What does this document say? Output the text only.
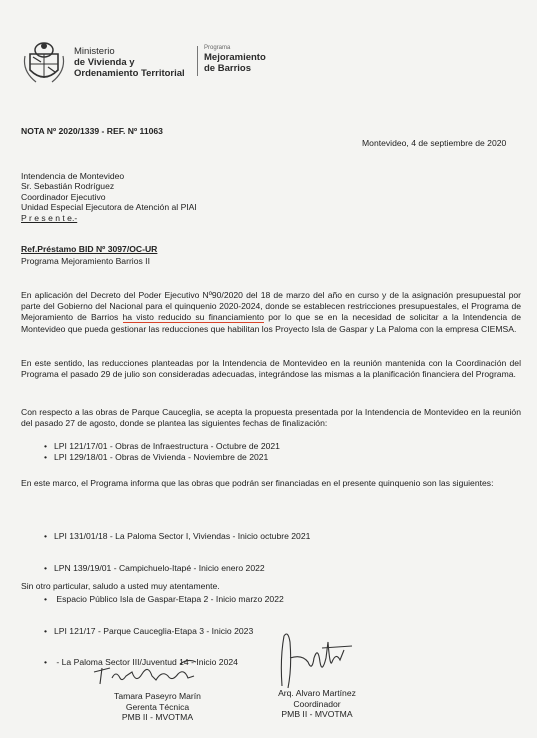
Ministerio
de Vivienda y
Ordenamiento Territorial
Programa
Mejoramiento
de Barrios
NOTA Nº 2020/1339 - REF. Nº 11063
Montevideo, 4 de septiembre de 2020
Intendencia de Montevideo
Sr. Sebastián Rodríguez
Coordinador Ejecutivo
Unidad Especial Ejecutora de Atención al PIAI
P r e s e n t e.-
Ref.Préstamo BID Nº 3097/OC-UR
Programa Mejoramiento Barrios II
En aplicación del Decreto del Poder Ejecutivo Nº90/2020 del 18 de marzo del año en curso y de la asignación presupuestal por parte del Gobierno del Nacional para el quinquenio 2020-2024, donde se establecen restricciones presupuestales, el Programa de Mejoramiento de Barrios ha visto reducido su financiamiento por lo que se en la necesidad de solicitar a la Intendencia de Montevideo que pueda gestionar las reducciones que habilitan los Proyecto Isla de Gaspar y La Paloma con la empresa CIEMSA.
En este sentido, las reducciones planteadas por la Intendencia de Montevideo en la reunión mantenida con la Coordinación del Programa el pasado 29 de julio son consideradas adecuadas, integrándose las mismas a la planificación financiera del Programa.
Con respecto a las obras de Parque Cauceglia, se acepta la propuesta presentada por la Intendencia de Montevideo en la reunión del pasado 27 de agosto, donde se plantea las siguientes fechas de finalización:
• LPI 121/17/01 - Obras de Infraestructura - Octubre de 2021
• LPI 129/18/01 - Obras de Vivienda - Noviembre de 2021
En este marco, el Programa informa que las obras que podrán ser financiadas en el presente quinquenio son las siguientes:

• LPI 131/01/18 - La Paloma Sector I, Viviendas - Inicio octubre 2021

• LPN 139/19/01 - Campichuelo-Itapé - Inicio enero 2022

• Espacio Público Isla de Gaspar-Etapa 2 - Inicio marzo 2022

• LPI 121/17 - Parque Cauceglia-Etapa 3 - Inicio 2023

• - La Paloma Sector III/Juventud 14 - Inicio 2024

Sin otro particular, saludo a usted muy atentamente.
Tamara Paseyro Marín
Gerenta Técnica
PMB II - MVOTMA
Arq. Alvaro Martínez
Coordinador
PMB II - MVOTMA
